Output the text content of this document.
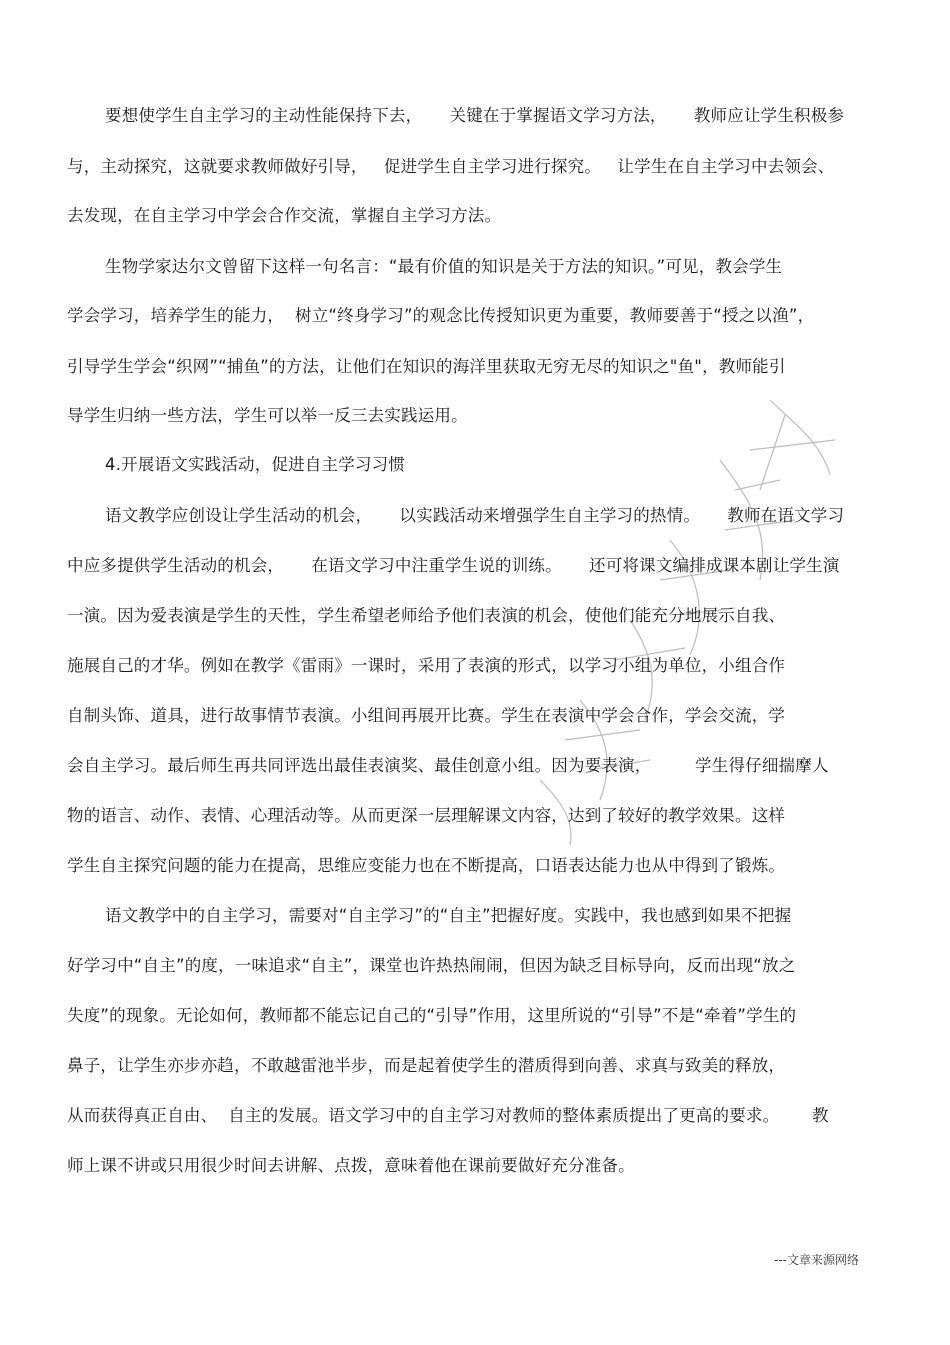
要想使学生自主学习的主动性能保持下去，     关键在于掌握语文学习方法，     教师应让学生积极参
与，主动探究，这就要求教师做好引导，   促进学生自主学习进行探究。   让学生在自主学习中去领会、
去发现，在自主学习中学会合作交流，掌握自主学习方法。
生物学家达尔文曾留下这样一句名言：“最有价值的知识是关于方法的知识。”可见，教会学生
学会学习，培养学生的能力，  树立“终身学习”的观念比传授知识更为重要，教师要善于“授之以渔”，
引导学生学会“织网”“捕鱼”的方法，让他们在知识的海洋里获取无穷无尽的知识之"鱼"，教师能引
导学生归纳一些方法，学生可以举一反三去实践运用。
4.开展语文实践活动，促进自主学习习惯
语文教学应创设让学生活动的机会，     以实践活动来增强学生自主学习的热情。     教师在语文学习
中应多提供学生活动的机会，     在语文学习中注重学生说的训练。     还可将课文编排成课本剧让学生演
一演。因为爱表演是学生的天性，学生希望老师给予他们表演的机会，使他们能充分地展示自我、
施展自己的才华。例如在教学《雷雨》一课时，采用了表演的形式，以学习小组为单位，小组合作
自制头饰、道具，进行故事情节表演。小组间再展开比赛。学生在表演中学会合作，学会交流，学
会自主学习。最后师生再共同评选出最佳表演奖、最佳创意小组。因为要表演，        学生得仔细揣摩人
物的语言、动作、表情、心理活动等。从而更深一层理解课文内容，达到了较好的教学效果。这样
学生自主探究问题的能力在提高，思维应变能力也在不断提高，口语表达能力也从中得到了锻炼。
语文教学中的自主学习，需要对“自主学习”的“自主”把握好度。实践中，我也感到如果不把握
好学习中“自主”的度，一味追求“自主”，课堂也许热热闹闹，但因为缺乏目标导向，反而出现“放之
失度”的现象。无论如何，教师都不能忘记自己的“引导”作用，这里所说的“引导”不是“牵着”学生的
鼻子，让学生亦步亦趋，不敢越雷池半步，而是起着使学生的潜质得到向善、求真与致美的释放，
从而获得真正自由、  自主的发展。语文学习中的自主学习对教师的整体素质提出了更高的要求。      教
师上课不讲或只用很少时间去讲解、点拨，意味着他在课前要做好充分准备。
---文章来源网络
